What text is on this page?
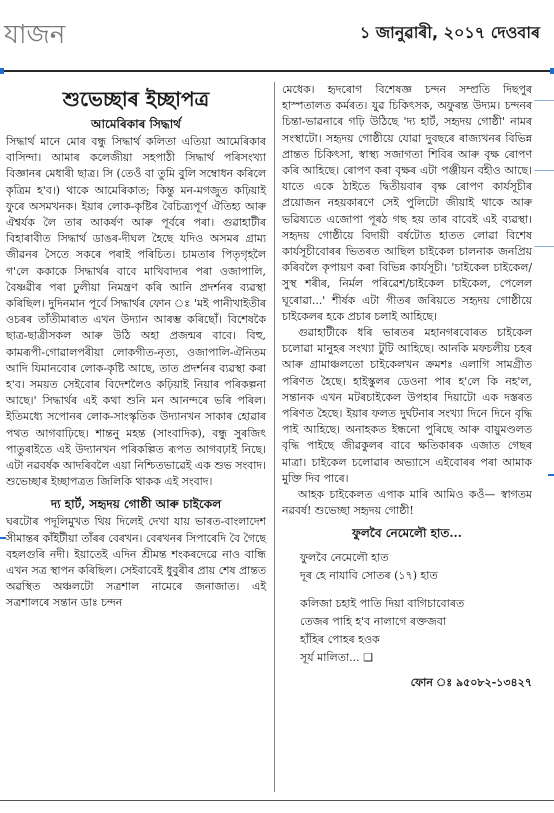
যাজন	১ জানুৱাৰী, ২০১৭ দেওবাৰ
শুভেচ্ছাৰ ইচ্ছাপত্ৰ
আমেৰিকাৰ সিদ্ধাৰ্থ

সিদ্ধাৰ্থ মানে মোৰ বন্ধু সিদ্ধাৰ্থ কলিতা এতিয়া আমেৰিকাৰ বাসিন্দা। আমাৰ কলেজীয়া সহপাঠী সিদ্ধাৰ্থ পৰিসংখ্যা বিজ্ঞানৰ মেধাৰী ছাত্ৰ। সি (তেওঁ বা তুমি বুলি সম্বোধন কৰিলে কৃত্ৰিম হ'ব।) থাকে আমেৰিকাত; কিন্তু মন-মগজুত কঢ়িয়াই ফুৰে অসমখনক। ইয়াৰ লোক-কৃষ্টিৰ বৈচিত্ৰ্যপূৰ্ণ ঐতিহ্য আৰু ঐশ্বৰ্যক লৈ তাৰ আকৰ্ষণ আৰু পূৰ্বৰে পৰা। গুৱাহাটীৰ বিহাৰাবীত সিদ্ধাৰ্থ ডাঙৰ-দীঘল হৈছে যদিও অসমৰ গ্ৰাম্য জীৱনৰ সৈতে সকৰে পৰাই পৰিচিত। চামতাৰ পিতৃগৃহলৈ গ'লে ককাকে সিদ্ধাৰ্থৰ বাবে মাখিবাদ্যৰ পৰা ওজাপালি, বৈষ্ণৱীৰ পৰা ঢুলীয়া নিমন্ত্ৰণ কৰি আনি প্ৰদৰ্শনৰ ব্যৱস্থা কৰিছিল। দুদিনমান পূৰ্বে সিদ্ধাৰ্থৰ ফোন ঃ 'মই পানীখাইতীৰ ওচৰৰ তাঁতীমাৰাত এখন উদ্যান আৰম্ভ কৰিছোঁ। বিশেষকৈ ছাত্ৰ-ছাত্ৰীসকল আৰু উঠি অহা প্ৰজন্মৰ বাবে। বিহু, কামৰূপী-গোৱালপৰীয়া লোকগীত-নৃত্য, ওজাপালি-ঐনিতম আদি যিমানবোৰ লোক-কৃষ্টি আছে, তাত প্ৰদৰ্শনৰ ব্যৱস্থা কৰা হ'ব। সময়ত সেইবোৰ বিদেশলৈও কঢ়িয়াই নিয়াৰ পৰিকল্পনা আছে।' সিদ্ধাৰ্থৰ এই কথা শুনি মন আনন্দৰে ভৰি পৰিল। ইতিমধ্যে সপোনৰ লোক-সাংস্কৃতিক উদ্যানখন সাকাৰ হোৱাৰ পথত আগবাঢ়িছে। শান্তনু মহন্ত (সাংবাদিক), বন্ধু সুৰজিৎ পাতুৰাইতে এই উদ্যানখন পৰিকল্পিত ৰূপত আগবঢ়াই নিছে। এটা নৱবৰ্ষক আদৰিবলৈ এয়া নিশ্চিতভাৱেই এক শুভ সংবাদ। শুভেচ্ছাৰ ইচ্ছাপত্ৰত জিলিকি থাকক এই সংবাদ।

দ্য হাৰ্ট, সহৃদয় গোষ্ঠী আৰু চাইকেল

ঘৰটোৰ পদূলিমুখত থিয় দিলেই দেখা যায় ভাৰত-বাংলাদেশ সীমান্তৰ কাঁইটীয়া তাঁৰৰ বেৰখন। বেৰখনৰ সিপাৰেদি বৈ গৈছে বহলগুৰি নদী। ইয়াতেই এদিন শ্ৰীমন্ত শংকৰদেৱে নাও বান্ধি এখন সত্ৰ স্থাপন কৰিছিল। সেইবাবেই ধুবুৰীৰ প্ৰায় শেষ প্ৰান্তত অৱস্থিত অঞ্চলটো সত্ৰশাল নামেৰে জনাজাত। এই সত্ৰশালৰে সন্তান ডাঃ চন্দন

মেধেক। হৃদৰোগ বিশেষজ্ঞ চন্দন সম্প্ৰতি দিছপুৰ হাস্পতালত কৰ্মৰত। যুৱ চিকিৎসক, অফুৰন্ত উদ্যম। চন্দনৰ চিন্তা-ভাৱনাৰে গঢ়ি উঠিছে 'দ্য হাৰ্ট, সহৃদয় গোষ্ঠী' নামৰ সংস্থাটো। সহৃদয় গোষ্ঠীয়ে যোৱা দুবছৰে ৰাজ্যখনৰ বিভিন্ন প্ৰান্তত চিকিৎসা, স্বাস্থ্য সজাগতা শিবিৰ আৰু বৃক্ষ ৰোপণ কৰি আহিছে। ৰোপণ কৰা বৃক্ষৰ এটা পঞ্জীয়ন বহীও আছে। যাতে একে ঠাইতে দ্বিতীয়বাৰ বৃক্ষ ৰোপণ কাৰ্যসূচীৰ প্ৰয়োজন নহয়কাৰণে সেই পুলিটো জীয়াই থাকে আৰু ভৱিষ্যতে এজোপা পূৰঠ গছ হয় তাৰ বাবেই এই ব্যৱস্থা। সহৃদয় গোষ্ঠীয়ে বিদায়ী বৰ্ষটোত হাতত লোৱা বিশেষ কাৰ্যসূচীবোৰৰ ভিতৰত আছিল চাইকেল চালনাক জনপ্ৰিয় কৰিবলৈ কৃপায়ণ কৰা বিভিন্ন কাৰ্যসূচী। 'চাইকেল চাইকেল/সুস্থ শৰীৰ, নিৰ্মল পৰিৱেশ/চাইকেল চাইকেল, পেলেল ঘূৰোৱা...' শীৰ্ষক এটা গীতৰ জৰিয়তে সহৃদয় গোষ্ঠীয়ে চাইকেলৰ হকে প্ৰচাৰ চলাই আহিছে।

গুৱাহাটীকে ধৰি ভাৰতৰ মহানগৰবোৰত চাইকেল চলোৱা মানুহৰ সংখ্যা টুটি আহিছে। আনকি মফচলীয় চহৰ আৰু গ্ৰামাঞ্চলতো চাইকেলখন ক্ৰমশঃ এলাগি সামগ্ৰীত পৰিণত হৈছে। হাইস্কুলৰ ডেওনা পাৰ হ'লে কি নহ'ল, সন্তানক এখন মটৰচাইকেল উপহাৰ দিয়াটো এক দস্তৰত পৰিণত হৈছে। ইয়াৰ ফলত দুৰ্ঘটনাৰ সংখ্যা দিনে দিনে বৃদ্ধি পাই আহিছে। অনাহকত ইন্ধনো পুৰিছে আৰু বায়ুমণ্ডলত বৃদ্ধি পাইছে জীৱকুলৰ বাবে ক্ষতিকাৰক এজাত গেছৰ মাত্ৰা। চাইকেল চলোৱাৰ অভ্যাসে এইবোৰৰ পৰা আমাক মুক্তি দিব পাৰে।

আহক চাইকেলত এপাক মাৰি আমিও কওঁ— স্বাগতম নৱবৰ্ষ! শুভেচ্ছা সহৃদয় গোষ্ঠী!

ফুলবৈ নেমেলৌ হাত...
ফুলবৈ নেমেলৌ হাত
দূৰ হে নাযাবি সোতৰ (১৭) হাত
কলিজা চহাই পাতি দিয়া বাগিচাবোৰত
তেজৰ পাহি হ'ব নালাগে ৰক্তজবা
হাঁহিৰ পোহৰ হওক
সূৰ্য মালিতা... ❑
ফোন ঃ ৯৫০৮২-১৩৪২৭
